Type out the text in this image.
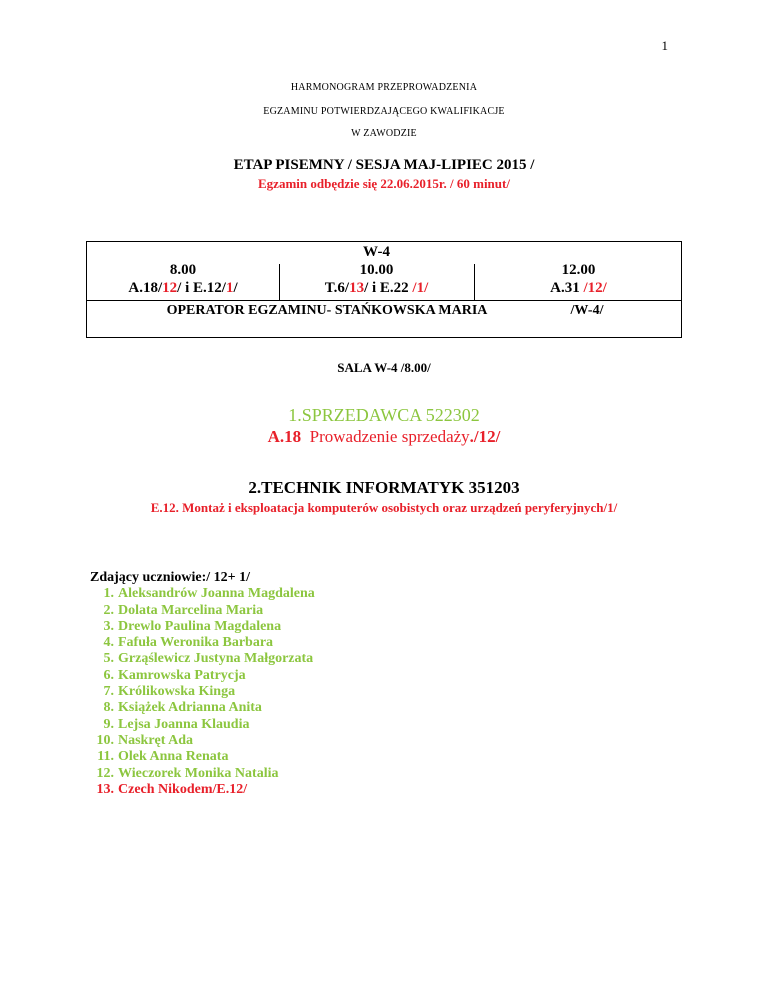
1
HARMONOGRAM PRZEPROWADZENIA
EGZAMINU POTWIERDZAJĄCEGO KWALIFIKACJE
W ZAWODZIE
ETAP PISEMNY / SESJA MAJ-LIPIEC 2015 /
Egzamin odbędzie się 22.06.2015r. / 60 minut/
W-4
8.00
A.18/12/ i E.12/1/
10.00
T.6/13/ i E.22 /1/
12.00
A.31 /12/
OPERATOR EGZAMINU- STAŃKOWSKA MARIA	/W-4/
SALA W-4 /8.00/
1.SPRZEDAWCA 522302
A.18 Prowadzenie sprzedaży./12/
2.TECHNIK INFORMATYK 351203
E.12. Montaż i eksploatacja komputerów osobistych oraz urządzeń peryferyjnych/1/
Zdający uczniowie:/ 12+ 1/
1. Aleksandrów Joanna Magdalena
2. Dolata Marcelina Maria
3. Drewlo Paulina Magdalena
4. Fafuła Weronika Barbara
5. Grząślewicz Justyna Małgorzata
6. Kamrowska Patrycja
7. Królikowska Kinga
8. Książek Adrianna Anita
9. Lejsa Joanna Klaudia
10. Naskręt Ada
11. Olek Anna Renata
12. Wieczorek Monika Natalia
13. Czech Nikodem/E.12/
